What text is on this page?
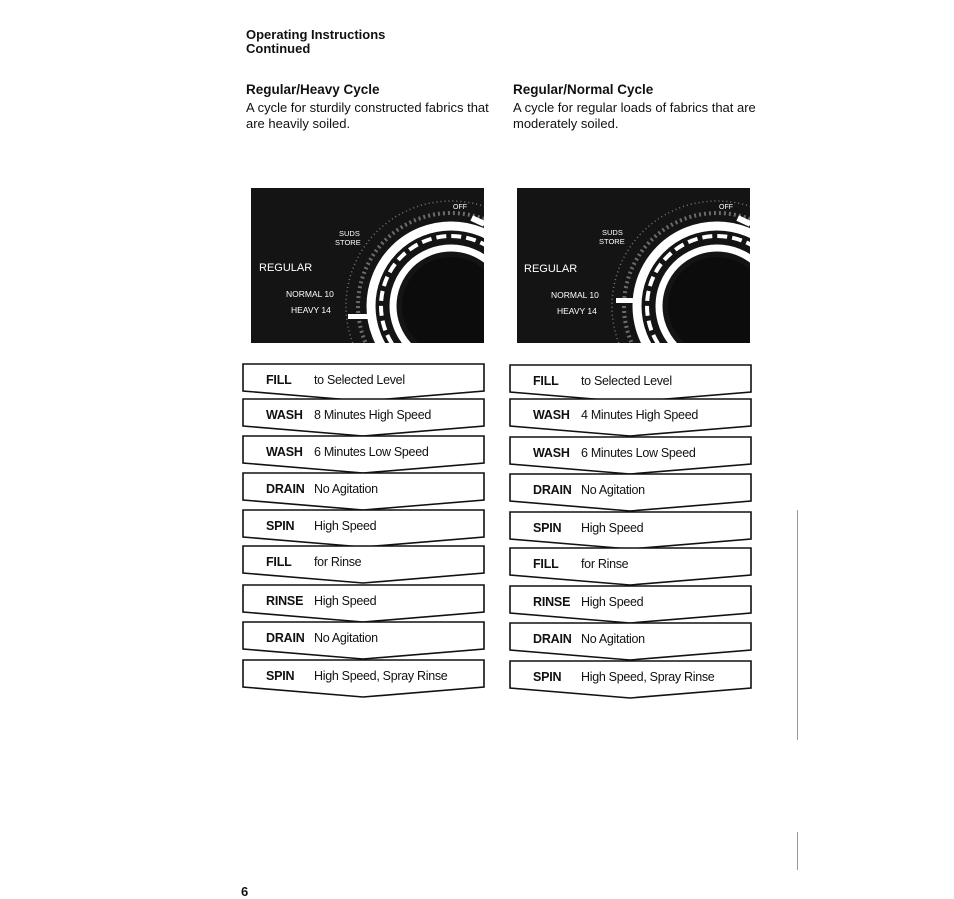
Operating Instructions
Continued
Regular/Heavy Cycle
A cycle for sturdily constructed fabrics that are heavily soiled.
Regular/Normal Cycle
A cycle for regular loads of fabrics that are moderately soiled.
OFF
SUDS
STORE
REGULAR
NORMAL 10
HEAVY 14
OFF
SUDS
STORE
REGULAR
NORMAL 10
HEAVY 14
FILL to Selected Level
WASH 8 Minutes High Speed
WASH 6 Minutes Low Speed
DRAIN No Agitation
SPIN High Speed
FILL for Rinse
RINSE High Speed
DRAIN No Agitation
SPIN High Speed, Spray Rinse
FILL to Selected Level
WASH 4 Minutes High Speed
WASH 6 Minutes Low Speed
DRAIN No Agitation
SPIN High Speed
FILL for Rinse
RINSE High Speed
DRAIN No Agitation
SPIN High Speed, Spray Rinse
6
